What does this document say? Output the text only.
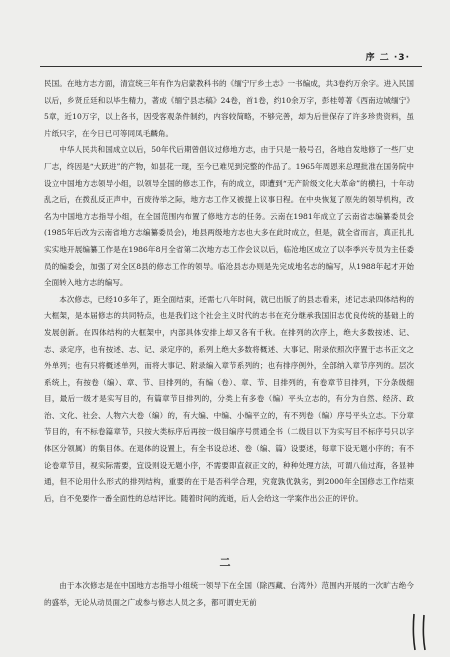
序 二 ·3·

民国。在地方志方面，清宣统三年有作为启蒙教科书的《缅宁厅乡土志》一书编成，共3卷约万余字。进入民国以后，乡贤丘廷和以毕生精力，著成《缅宁县志稿》24卷，首1卷，约10余万字，彭桂萼著《西南边城缅宁》5章，近10万字，以上各书，因受客观条件制约，内容较简略，不够完善，却为后世保存了许多珍贵资料，虽片纸只字，在今日已可等同凤毛麟角。

中华人民共和国成立以后，50年代后期曾倡议过修地方志，由于只是一般号召，各地自发地修了一些厂史厂志，终因是“大跃进”的产物，如昙花一现，至今已难见到完整的作品了。1965年周恩来总理批准在国务院中设立中国地方志领导小组，以领导全国的修志工作，有的成立，即遭到“无产阶级文化大革命”的横扫，十年动乱之后，在拨乱反正声中，百废待举之际，地方志工作又被提上议事日程。在中央恢复了原先的领导机构，改名为中国地方志指导小组，在全国范围内布置了修地方志的任务。云南在1981年成立了云南省志编纂委员会(1985年后改为云南省地方志编纂委员会)，地县两级地方志也大多在此时成立，但是，就全省而言，真正扎扎实实地开展编纂工作是在1986年8月全省第二次地方志工作会议以后，临沧地区成立了以李季兴专员为主任委员的编委会，加强了对全区8县的修志工作的领导。临沧县志办则是先完成地名志的编写，从1988年起才开始全面转入地方志的编写。

本次修志，已经10多年了，距全面结束，还需七八年时间，就已出版了的县志看来，述记志录四体结构的大框架，是本届修志的共同特点，也是我们这个社会主义时代的志书在充分继承我国旧志优良传统的基础上的发展创新。在四体结构的大框架中，内部具体安排上却又各有千秋。在排列的次序上，绝大多数按述、记、志、录定序，也有按述、志、记、录定序的，系列上绝大多数将概述、大事记、附录依照次序置于志书正文之外单列；也有只将概述单列，而将大事记、附录编入章节系列的；也有排序例外，全部纳入章节序列的。层次系统上，有按卷（编）、章、节、目排列的，有编（卷）、章、节、目排列的，有卷章节目排列，下分条级细目，最后一级才是实写目的，有篇章节目排列的，分类上有多卷（编）平头立志的，有分为自然、经济、政治、文化、社会、人物六大卷（编）的，有大编、中编、小编平立的，有不列卷（编）序号平头立志。下分章节目的，有不标卷篇章节，只按大类标序后再按一级目编序号贯通全书（二级目以下为实写目不标序号只以字体区分领属）的集目体。在退体的设置上，有全书设总述、卷（编、篇）设要述，每章下设无题小序的；有不论卷章节目，视实际需要，宜设则设无题小序，不需要即直叙正文的，种种处理方法，可谓八仙过海，各显神通，但不论用什么形式的排列结构，重要的在于是否科学合理，究竟孰优孰劣，到2000年全国修志工作结束后，自不免要作一番全面性的总结评比。随着时间的流逝，后人会给这一学案作出公正的评价。

二

由于本次修志是在中国地方志指导小组统一领导下在全国（除西藏、台湾外）范围内开展的一次旷古绝今的盛举，无论从动员面之广或参与修志人员之多，都可谓史无前
